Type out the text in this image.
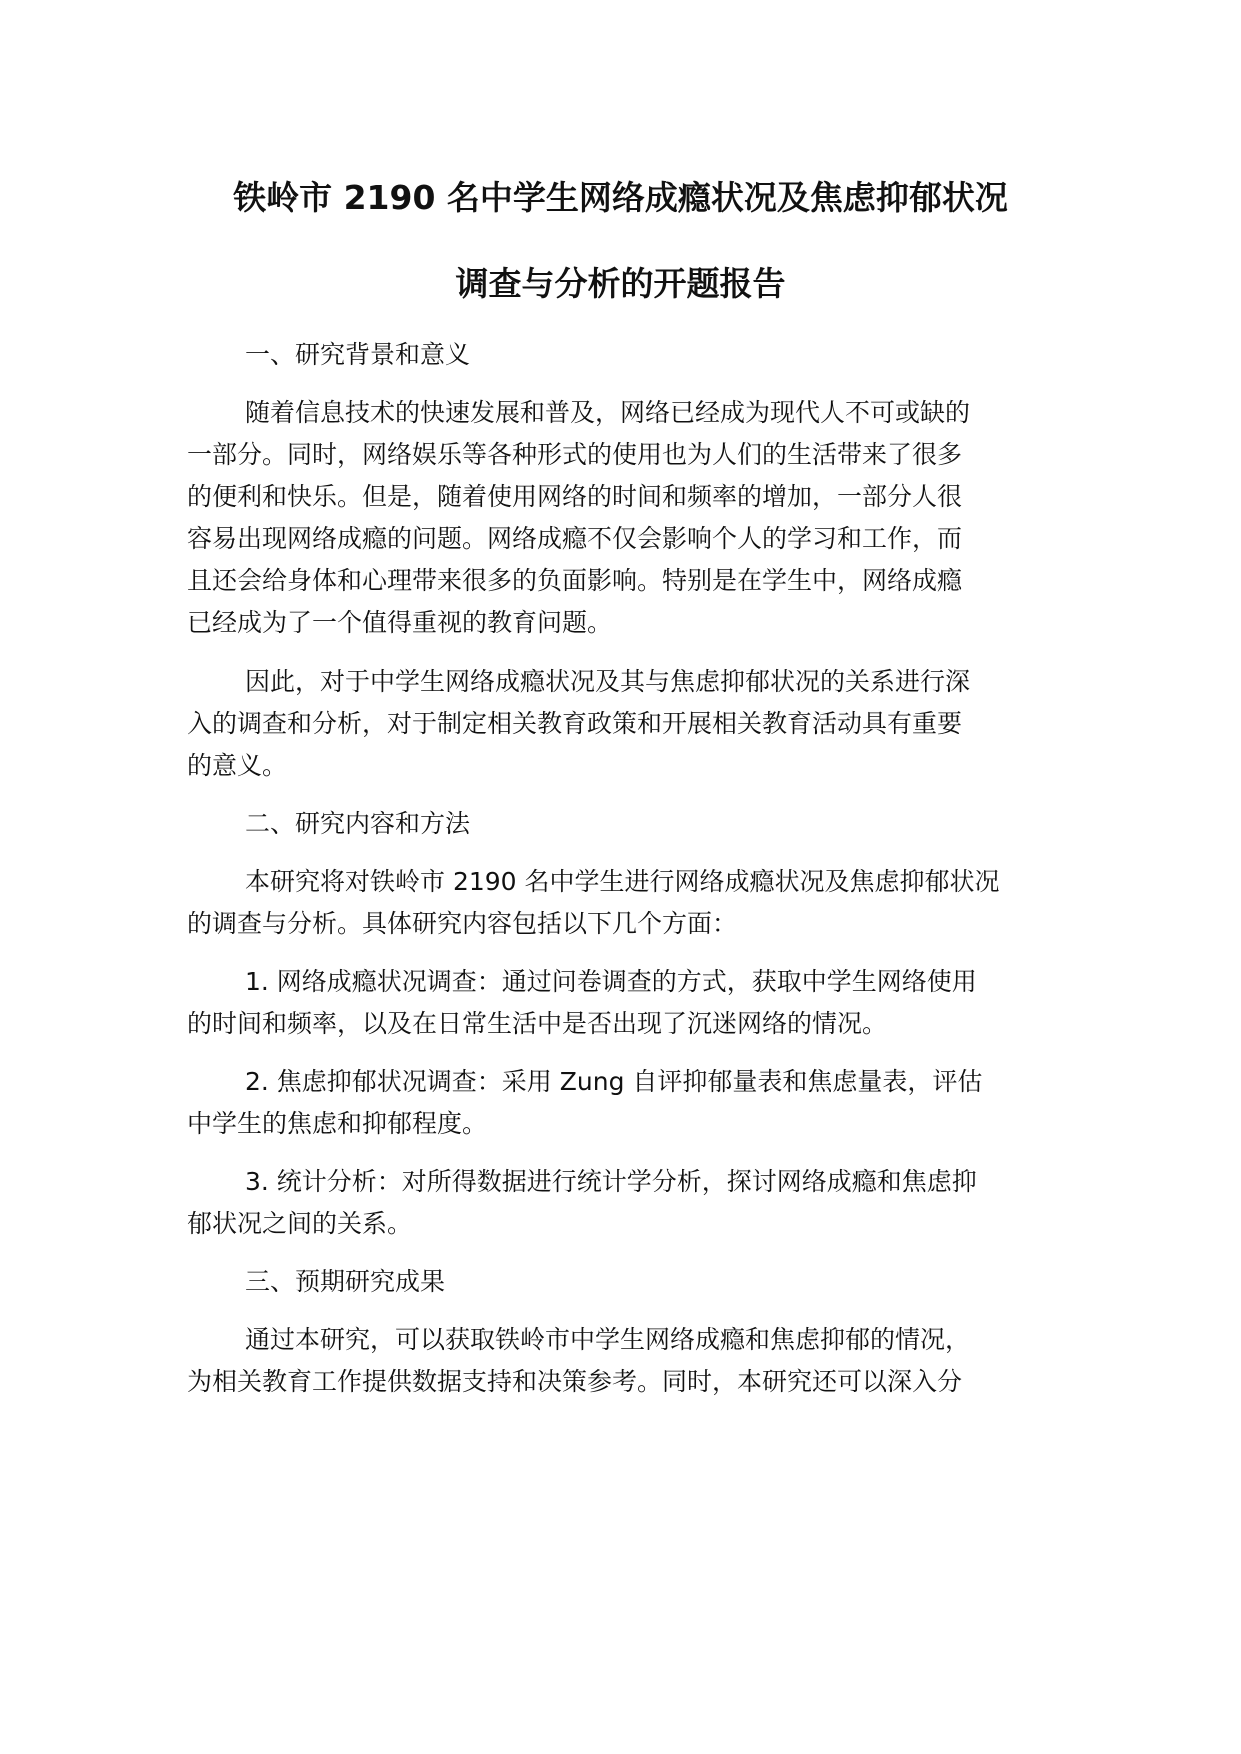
铁岭市 2190 名中学生网络成瘾状况及焦虑抑郁状况
调查与分析的开题报告
一、研究背景和意义
随着信息技术的快速发展和普及，网络已经成为现代人不可或缺的
一部分。同时，网络娱乐等各种形式的使用也为人们的生活带来了很多
的便利和快乐。但是，随着使用网络的时间和频率的增加，一部分人很
容易出现网络成瘾的问题。网络成瘾不仅会影响个人的学习和工作，而
且还会给身体和心理带来很多的负面影响。特别是在学生中，网络成瘾
已经成为了一个值得重视的教育问题。
因此，对于中学生网络成瘾状况及其与焦虑抑郁状况的关系进行深
入的调查和分析，对于制定相关教育政策和开展相关教育活动具有重要
的意义。
二、研究内容和方法
本研究将对铁岭市 2190 名中学生进行网络成瘾状况及焦虑抑郁状况
的调查与分析。具体研究内容包括以下几个方面：
1. 网络成瘾状况调查：通过问卷调查的方式，获取中学生网络使用
的时间和频率，以及在日常生活中是否出现了沉迷网络的情况。
2. 焦虑抑郁状况调查：采用 Zung 自评抑郁量表和焦虑量表，评估
中学生的焦虑和抑郁程度。
3. 统计分析：对所得数据进行统计学分析，探讨网络成瘾和焦虑抑
郁状况之间的关系。
三、预期研究成果
通过本研究，可以获取铁岭市中学生网络成瘾和焦虑抑郁的情况，
为相关教育工作提供数据支持和决策参考。同时，本研究还可以深入分
